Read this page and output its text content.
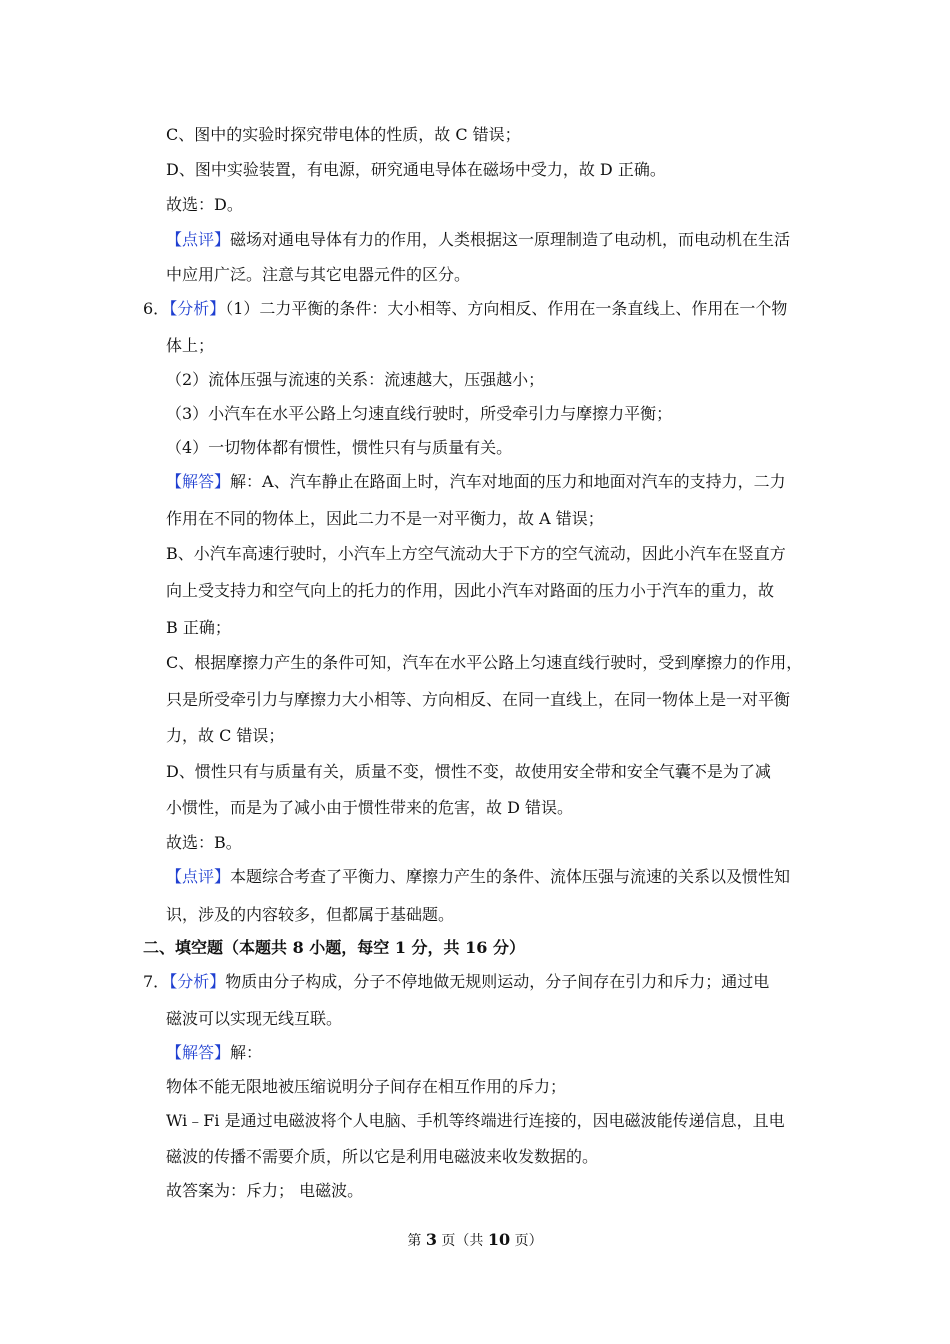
C、图中的实验时探究带电体的性质，故 C 错误；
D、图中实验装置，有电源，研究通电导体在磁场中受力，故 D 正确。
故选：D。
【点评】磁场对通电导体有力的作用，人类根据这一原理制造了电动机，而电动机在生活
中应用广泛。注意与其它电器元件的区分。
6．【分析】（1）二力平衡的条件：大小相等、方向相反、作用在一条直线上、作用在一个物
体上；
（2）流体压强与流速的关系：流速越大，压强越小；
（3）小汽车在水平公路上匀速直线行驶时，所受牵引力与摩擦力平衡；
（4）一切物体都有惯性，惯性只有与质量有关。
【解答】解：A、汽车静止在路面上时，汽车对地面的压力和地面对汽车的支持力，二力
作用在不同的物体上，因此二力不是一对平衡力，故 A 错误；
B、小汽车高速行驶时，小汽车上方空气流动大于下方的空气流动，因此小汽车在竖直方
向上受支持力和空气向上的托力的作用，因此小汽车对路面的压力小于汽车的重力，故
B 正确；
C、根据摩擦力产生的条件可知，汽车在水平公路上匀速直线行驶时，受到摩擦力的作用，
只是所受牵引力与摩擦力大小相等、方向相反、在同一直线上，在同一物体上是一对平衡
力，故 C 错误；
D、惯性只有与质量有关，质量不变，惯性不变，故使用安全带和安全气囊不是为了减
小惯性，而是为了减小由于惯性带来的危害，故 D 错误。
故选：B。
【点评】本题综合考查了平衡力、摩擦力产生的条件、流体压强与流速的关系以及惯性知
识，涉及的内容较多，但都属于基础题。
二、填空题（本题共 8 小题，每空 1 分，共 16 分）
7．【分析】物质由分子构成，分子不停地做无规则运动，分子间存在引力和斥力；通过电
磁波可以实现无线互联。
【解答】解：
物体不能无限地被压缩说明分子间存在相互作用的斥力；
Wi﹣Fi 是通过电磁波将个人电脑、手机等终端进行连接的，因电磁波能传递信息，且电
磁波的传播不需要介质，所以它是利用电磁波来收发数据的。
故答案为：斥力； 电磁波。
第 3 页（共 10 页）
